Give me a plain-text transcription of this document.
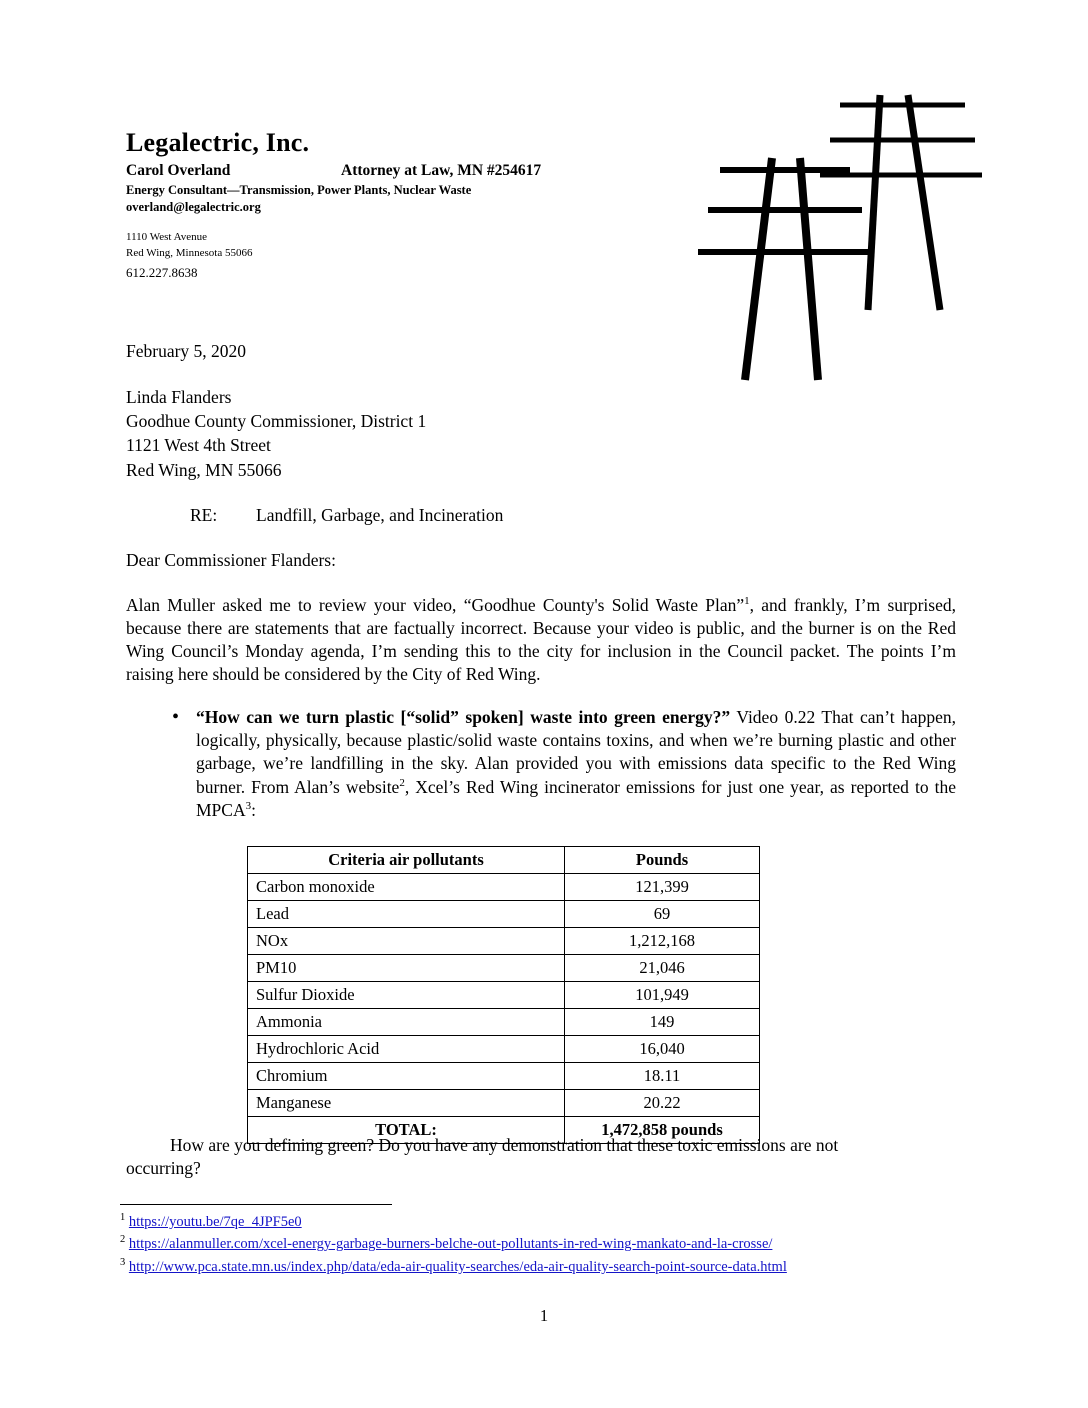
Legalectric, Inc.
Carol Overland	Attorney at Law, MN #254617
Energy Consultant—Transmission, Power Plants, Nuclear Waste
overland@legalectric.org
1110 West Avenue
Red Wing, Minnesota 55066
612.227.8638
February 5, 2020
Linda Flanders
Goodhue County Commissioner, District 1
1121 West 4th Street
Red Wing, MN 55066
RE:	Landfill, Garbage, and Incineration
Dear Commissioner Flanders:
Alan Muller asked me to review your video, “Goodhue County's Solid Waste Plan”$^1$, and frankly, I’m surprised, because there are statements that are factually incorrect. Because your video is public, and the burner is on the Red Wing Council’s Monday agenda, I’m sending this to the city for inclusion in the Council packet. The points I’m raising here should be considered by the City of Red Wing.
• “How can we turn plastic [“solid” spoken] waste into green energy?” Video 0.22 That can’t happen, logically, physically, because plastic/solid waste contains toxins, and when we’re burning plastic and other garbage, we’re landfilling in the sky. Alan provided you with emissions data specific to the Red Wing burner. From Alan’s website$^2$, Xcel’s Red Wing incinerator emissions for just one year, as reported to the MPCA$^3$:
Criteria air pollutants	Pounds
Carbon monoxide	121,399
Lead	69
NOx	1,212,168
PM10	21,046
Sulfur Dioxide	101,949
Ammonia	149
Hydrochloric Acid	16,040
Chromium	18.11
Manganese	20.22
TOTAL:	1,472,858 pounds
How are you defining green? Do you have any demonstration that these toxic emissions are not
occurring?
$^1$ https://youtu.be/7qe_4JPF5e0
$^2$ https://alanmuller.com/xcel-energy-garbage-burners-belche-out-pollutants-in-red-wing-mankato-and-la-crosse/
$^3$ http://www.pca.state.mn.us/index.php/data/eda-air-quality-searches/eda-air-quality-search-point-source-data.html
1
